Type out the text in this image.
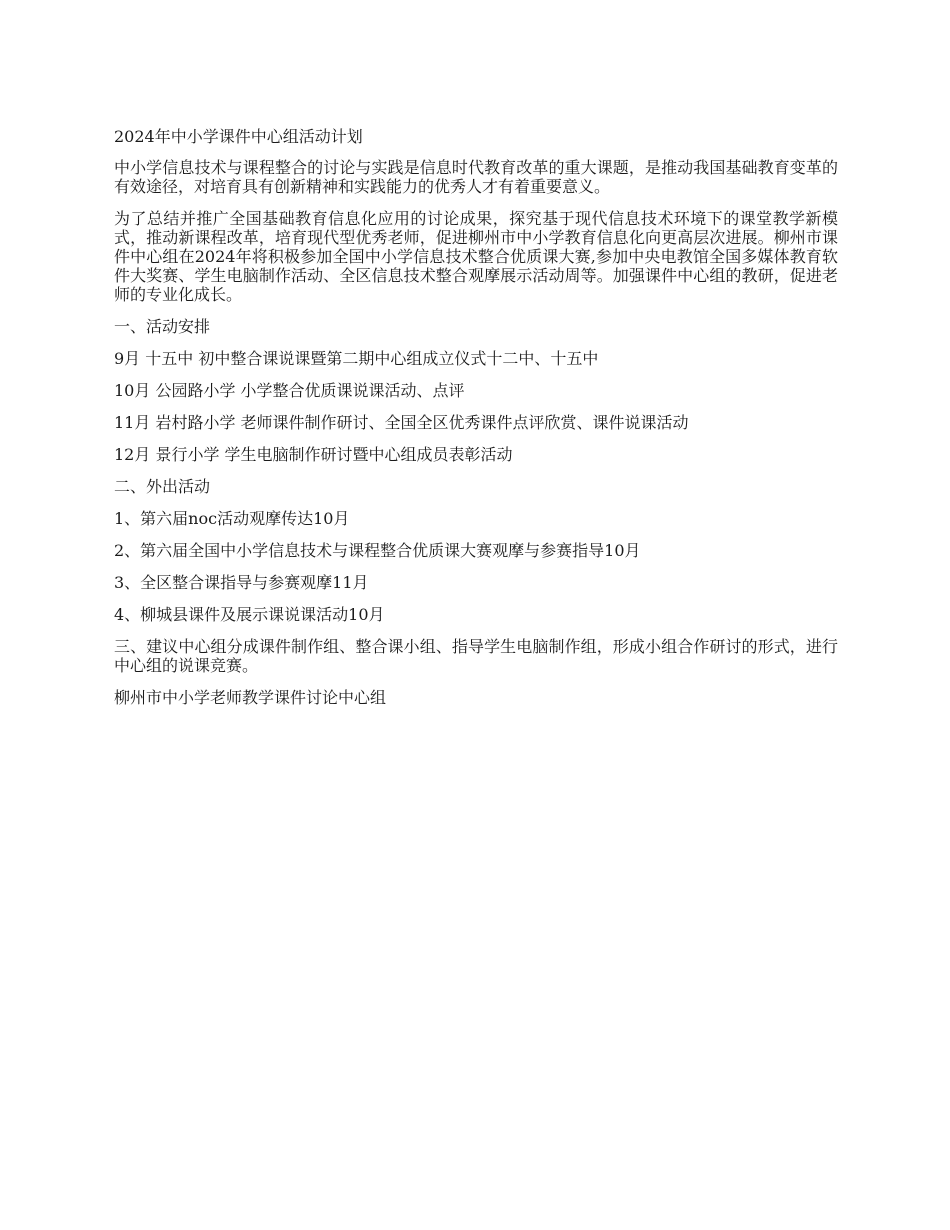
2024年中小学课件中心组活动计划

中小学信息技术与课程整合的讨论与实践是信息时代教育改革的重大课题，是推动我国基础教育变革的有效途径，对培育具有创新精神和实践能力的优秀人才有着重要意义。

为了总结并推广全国基础教育信息化应用的讨论成果，探究基于现代信息技术环境下的课堂教学新模式，推动新课程改革，培育现代型优秀老师，促进柳州市中小学教育信息化向更高层次进展。柳州市课件中心组在2024年将积极参加全国中小学信息技术整合优质课大赛,参加中央电教馆全国多媒体教育软件大奖赛、学生电脑制作活动、全区信息技术整合观摩展示活动周等。加强课件中心组的教研，促进老师的专业化成长。

一、活动安排

9月 十五中 初中整合课说课暨第二期中心组成立仪式十二中、十五中

10月 公园路小学 小学整合优质课说课活动、点评

11月 岩村路小学 老师课件制作研讨、全国全区优秀课件点评欣赏、课件说课活动

12月 景行小学 学生电脑制作研讨暨中心组成员表彰活动

二、外出活动

1、第六届noc活动观摩传达10月

2、第六届全国中小学信息技术与课程整合优质课大赛观摩与参赛指导10月

3、全区整合课指导与参赛观摩11月

4、柳城县课件及展示课说课活动10月

三、建议中心组分成课件制作组、整合课小组、指导学生电脑制作组，形成小组合作研讨的形式，进行中心组的说课竞赛。

柳州市中小学老师教学课件讨论中心组
